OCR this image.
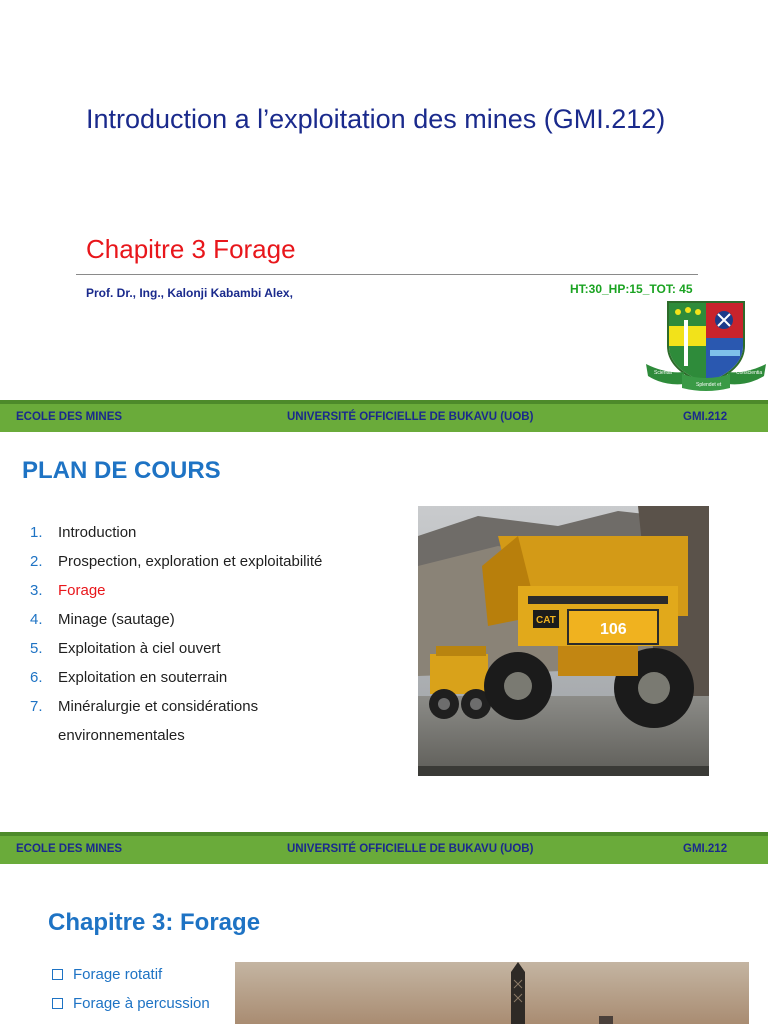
Introduction a l’exploitation des mines (GMI.212)
Chapitre 3 Forage
Prof. Dr., Ing., Kalonji Kabambi Alex,	HT:30_HP:15_TOT: 45
Scientia
Splendet et
Conscientia
ECOLE DES MINES	UNIVERSITÉ OFFICIELLE DE BUKAVU (UOB)	GMI.212
PLAN DE COURS
1. Introduction
2. Prospection, exploration et exploitabilité
3. Forage
4. Minage (sautage)
5. Exploitation à ciel ouvert
6. Exploitation en souterrain
7. Minéralurgie et considérations
environnementales
CAT
106
ECOLE DES MINES	UNIVERSITÉ OFFICIELLE DE BUKAVU (UOB)	GMI.212
Chapitre 3: Forage
Forage rotatif
Forage à percussion
